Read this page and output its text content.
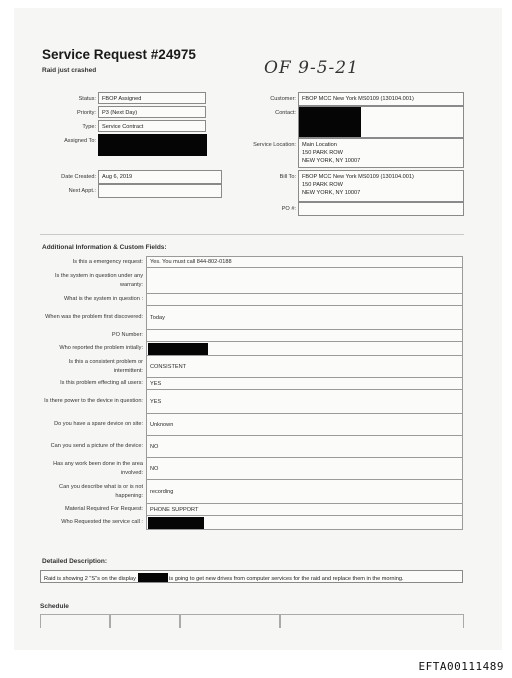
Service Request #24975
Raid just crashed	OF 9-5-21
Status:	FBOP Assigned
Priority:	P3 (Next Day)
Type:	Service Contract
Assigned To:
Date Created:	Aug 6, 2019
Next Appt.:
Customer:	FBOP MCC New York MS0109 (130104.001)
Contact:
Service Location: Main Location
150 PARK ROW
NEW YORK, NY 10007
Bill To: FBOP MCC New York MS0109 (130104.001)
150 PARK ROW
NEW YORK, NY 10007
PO #:
Additional Information & Custom Fields:
Is this a emergency request:	Yes. You must call 844-802-0188
Is the system in question under any warranty:	
What is the system in question :	
When was the problem first discovered:	Today
PO Number:	
Who reported the problem intially:	

Is this a consistent problem or intermittent:	CONSISTENT
Is this problem effecting all users:	YES
Is there power to the device in question:	YES
Do you have a spare device on site:	Unknown
Can you send a picture of the device:	NO
Has any work been done in the area involved:	NO
Can you describe what is or is not happening:	recording
Material Required For Request:	PHONE SUPPORT
Who Requested the service call :	
Detailed Description:
Raid is showing 2 "S"s on the display	is going to get new drives from computer services for the raid and replace them in the morning.
Schedule
EFTA00111489
